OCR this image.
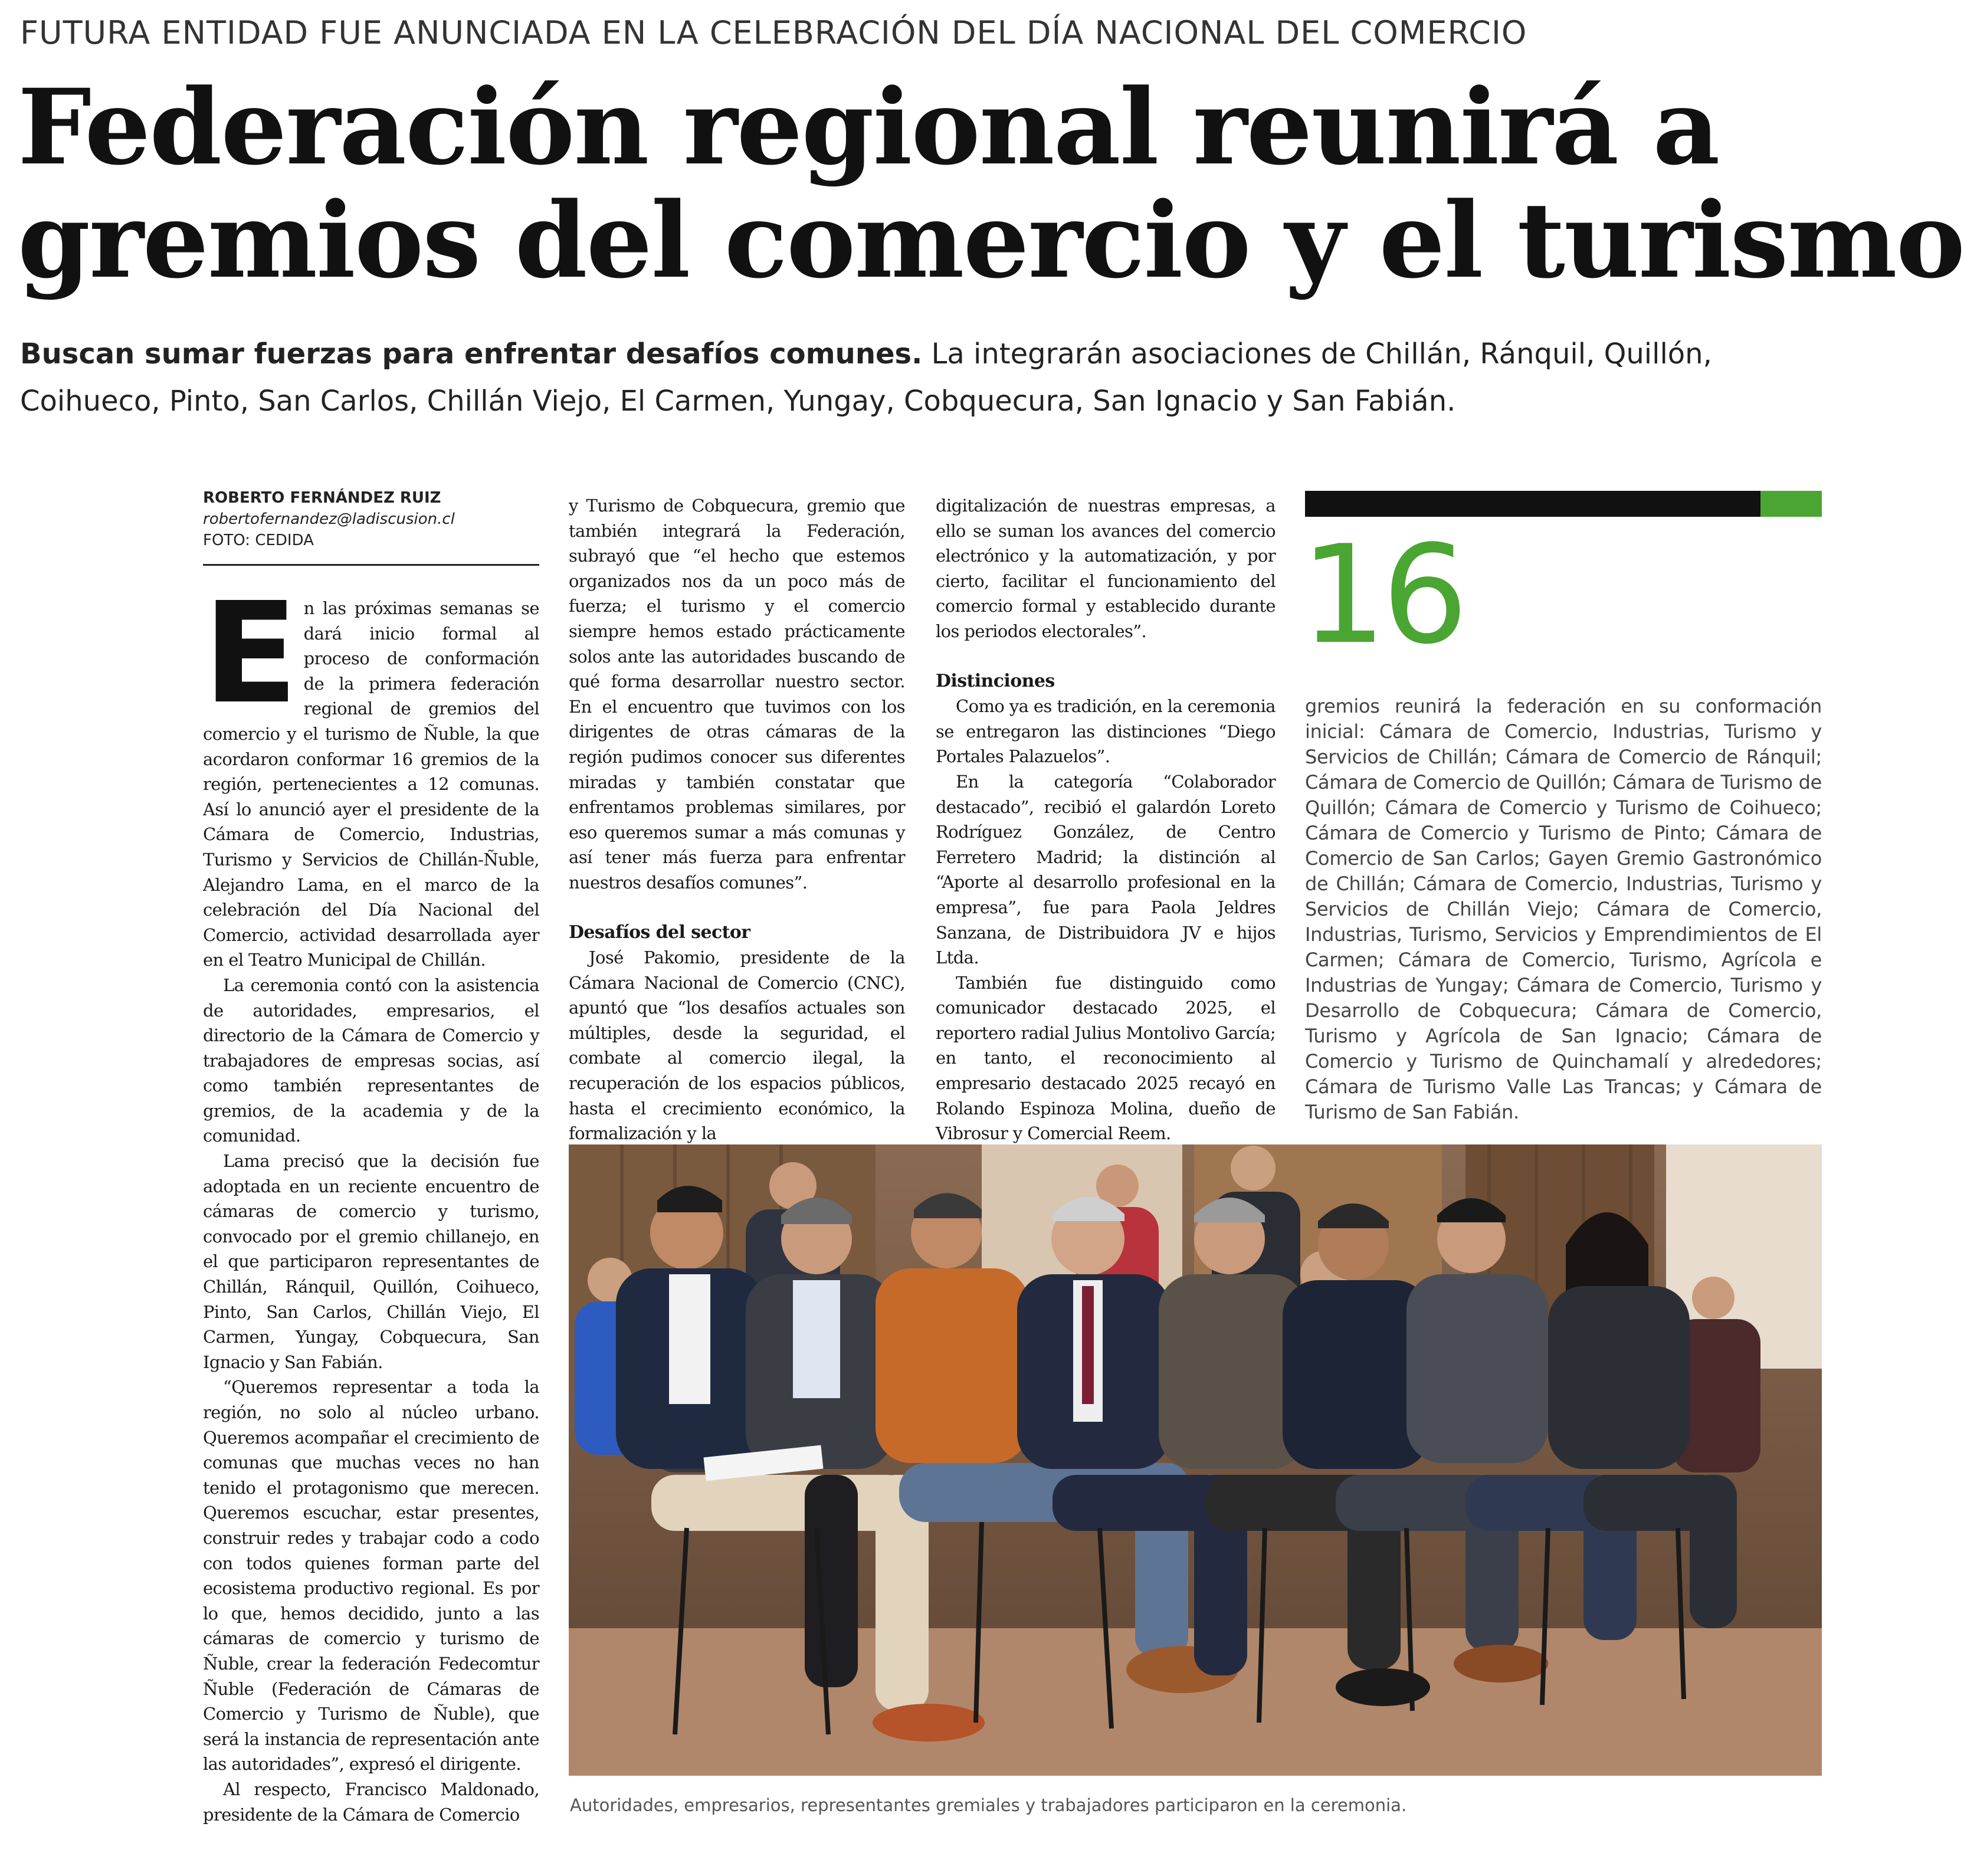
FUTURA ENTIDAD FUE ANUNCIADA EN LA CELEBRACIÓN DEL DÍA NACIONAL DEL COMERCIO
Federación regional reunirá a
gremios del comercio y el turismo
Buscan sumar fuerzas para enfrentar desafíos comunes. La integrarán asociaciones de Chillán, Ránquil, Quillón, Coihueco, Pinto, San Carlos, Chillán Viejo, El Carmen, Yungay, Cobquecura, San Ignacio y San Fabián.
ROBERTO FERNÁNDEZ RUIZ
robertofernandez@ladiscusion.cl
FOTO: CEDIDA

En las próximas semanas se dará inicio formal al proceso de conformación de la primera federación regional de gremios del comercio y el turismo de Ñuble, la que acordaron conformar 16 gremios de la región, pertenecientes a 12 comunas. Así lo anunció ayer el presidente de la Cámara de Comercio, Industrias, Turismo y Servicios de Chillán-Ñuble, Alejandro Lama, en el marco de la celebración del Día Nacional del Comercio, actividad desarrollada ayer en el Teatro Municipal de Chillán.

La ceremonia contó con la asistencia de autoridades, empresarios, el directorio de la Cámara de Comercio y trabajadores de empresas socias, así como también representantes de gremios, de la academia y de la comunidad.

Lama precisó que la decisión fue adoptada en un reciente encuentro de cámaras de comercio y turismo, convocado por el gremio chillanejo, en el que participaron representantes de Chillán, Ránquil, Quillón, Coihueco, Pinto, San Carlos, Chillán Viejo, El Carmen, Yungay, Cobquecura, San Ignacio y San Fabián.

“Queremos representar a toda la región, no solo al núcleo urbano. Queremos acompañar el crecimiento de comunas que muchas veces no han tenido el protagonismo que merecen. Queremos escuchar, estar presentes, construir redes y trabajar codo a codo con todos quienes forman parte del ecosistema productivo regional. Es por lo que, hemos decidido, junto a las cámaras de comercio y turismo de Ñuble, crear la federación Fedecomtur Ñuble (Federación de Cámaras de Comercio y Turismo de Ñuble), que será la instancia de representación ante las autoridades”, expresó el dirigente.

Al respecto, Francisco Maldonado, presidente de la Cámara de Comercio

y Turismo de Cobquecura, gremio que también integrará la Federación, subrayó que “el hecho que estemos organizados nos da un poco más de fuerza; el turismo y el comercio siempre hemos estado prácticamente solos ante las autoridades buscando de qué forma desarrollar nuestro sector. En el encuentro que tuvimos con los dirigentes de otras cámaras de la región pudimos conocer sus diferentes miradas y también constatar que enfrentamos problemas similares, por eso queremos sumar a más comunas y así tener más fuerza para enfrentar nuestros desafíos comunes”.

Desafíos del sector

José Pakomio, presidente de la Cámara Nacional de Comercio (CNC), apuntó que “los desafíos actuales son múltiples, desde la seguridad, el combate al comercio ilegal, la recuperación de los espacios públicos, hasta el crecimiento económico, la formalización y la

digitalización de nuestras empresas, a ello se suman los avances del comercio electrónico y la automatización, y por cierto, facilitar el funcionamiento del comercio formal y establecido durante los periodos electorales”.

Distinciones

Como ya es tradición, en la ceremonia se entregaron las distinciones “Diego Portales Palazuelos”.

En la categoría “Colaborador destacado”, recibió el galardón Loreto Rodríguez González, de Centro Ferretero Madrid; la distinción al “Aporte al desarrollo profesional en la empresa”, fue para Paola Jeldres Sanzana, de Distribuidora JV e hijos Ltda.

También fue distinguido como comunicador destacado 2025, el reportero radial Julius Montolivo García; en tanto, el reconocimiento al empresario destacado 2025 recayó en Rolando Espinoza Molina, dueño de Vibrosur y Comercial Reem.

16
gremios reunirá la federación en su conformación inicial: Cámara de Comercio, Industrias, Turismo y Servicios de Chillán; Cámara de Comercio de Ránquil; Cámara de Comercio de Quillón; Cámara de Turismo de Quillón; Cámara de Comercio y Turismo de Coihueco; Cámara de Comercio y Turismo de Pinto; Cámara de Comercio de San Carlos; Gayen Gremio Gastronómico de Chillán; Cámara de Comercio, Industrias, Turismo y Servicios de Chillán Viejo; Cámara de Comercio, Industrias, Turismo, Servicios y Emprendimientos de El Carmen; Cámara de Comercio, Turismo, Agrícola e Industrias de Yungay; Cámara de Comercio, Turismo y Desarrollo de Cobquecura; Cámara de Comercio, Turismo y Agrícola de San Ignacio; Cámara de Comercio y Turismo de Quinchamalí y alrededores; Cámara de Turismo Valle Las Trancas; y Cámara de Turismo de San Fabián.
Autoridades, empresarios, representantes gremiales y trabajadores participaron en la ceremonia.
